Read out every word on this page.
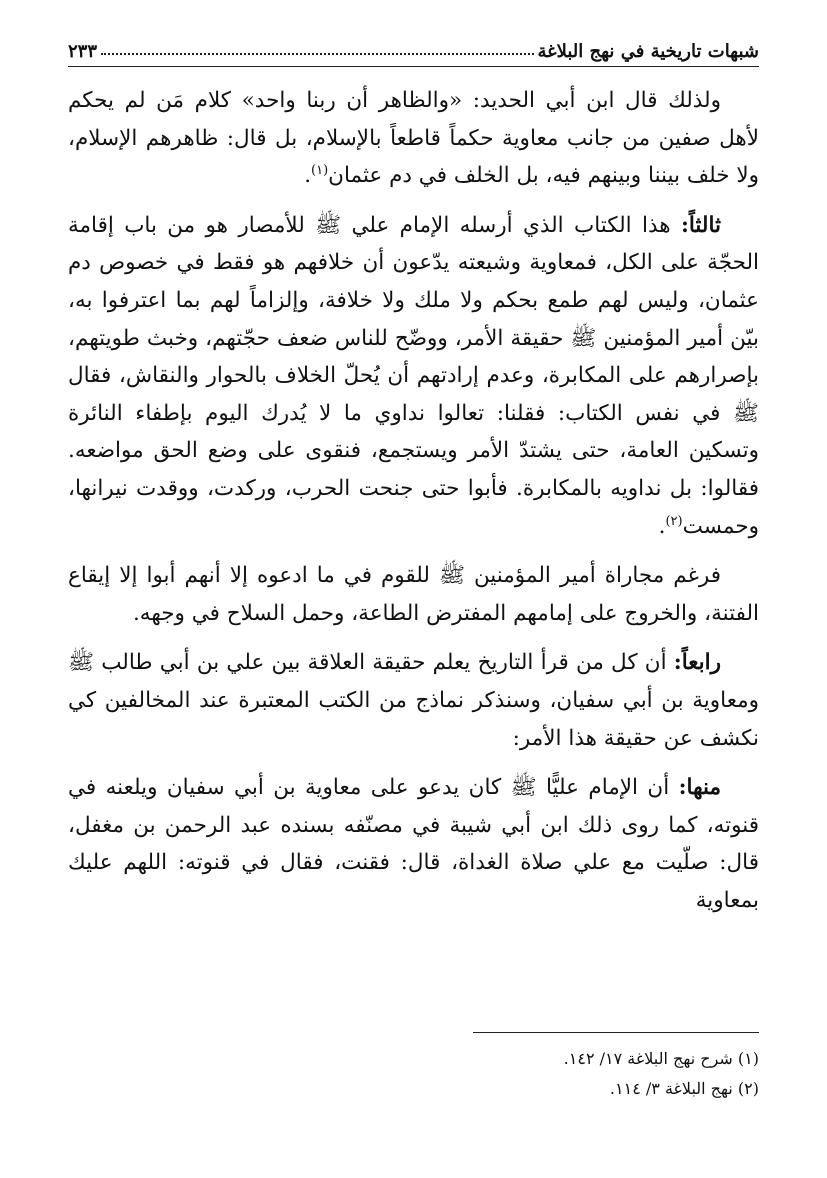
شبهات تاريخية في نهج البلاغة
٢٣٣

ولذلك قال ابن أبي الحديد: «والظاهر أن ربنا واحد» كلام مَن لم يحكم لأهل صفين من جانب معاوية حكماً قاطعاً بالإسلام، بل قال: ظاهرهم الإسلام، ولا خلف بيننا وبينهم فيه، بل الخلف في دم عثمان$^{(١)}$.

ثالثاً: هذا الكتاب الذي أرسله الإمام علي ﷺ للأمصار هو من باب إقامة الحجّة على الكل، فمعاوية وشيعته يدّعون أن خلافهم هو فقط في خصوص دم عثمان، وليس لهم طمع بحكم ولا ملك ولا خلافة، وإلزاماً لهم بما اعترفوا به، بيّن أمير المؤمنين ﷺ حقيقة الأمر، ووضّح للناس ضعف حجّتهم، وخبث طويتهم، بإصرارهم على المكابرة، وعدم إرادتهم أن يُحلّ الخلاف بالحوار والنقاش، فقال ﷺ في نفس الكتاب: فقلنا: تعالوا نداوي ما لا يُدرك اليوم بإطفاء النائرة وتسكين العامة، حتى يشتدّ الأمر ويستجمع، فنقوى على وضع الحق مواضعه. فقالوا: بل نداويه بالمكابرة. فأبوا حتى جنحت الحرب، وركدت، ووقدت نيرانها، وحمست$^{(٢)}$.

فرغم مجاراة أمير المؤمنين ﷺ للقوم في ما ادعوه إلا أنهم أبوا إلا إيقاع الفتنة، والخروج على إمامهم المفترض الطاعة، وحمل السلاح في وجهه.

رابعاً: أن كل من قرأ التاريخ يعلم حقيقة العلاقة بين علي بن أبي طالب ﷺ ومعاوية بن أبي سفيان، وسنذكر نماذج من الكتب المعتبرة عند المخالفين كي نكشف عن حقيقة هذا الأمر:

منها: أن الإمام عليًّا ﷺ كان يدعو على معاوية بن أبي سفيان ويلعنه في قنوته، كما روى ذلك ابن أبي شيبة في مصنّفه بسنده عبد الرحمن بن مغفل، قال: صلّيت مع علي صلاة الغداة، قال: فقنت، فقال في قنوته: اللهم عليك بمعاوية

(١) شرح نهج البلاغة ١٧/ ١٤٢.

(٢) نهج البلاغة ٣/ ١١٤.
